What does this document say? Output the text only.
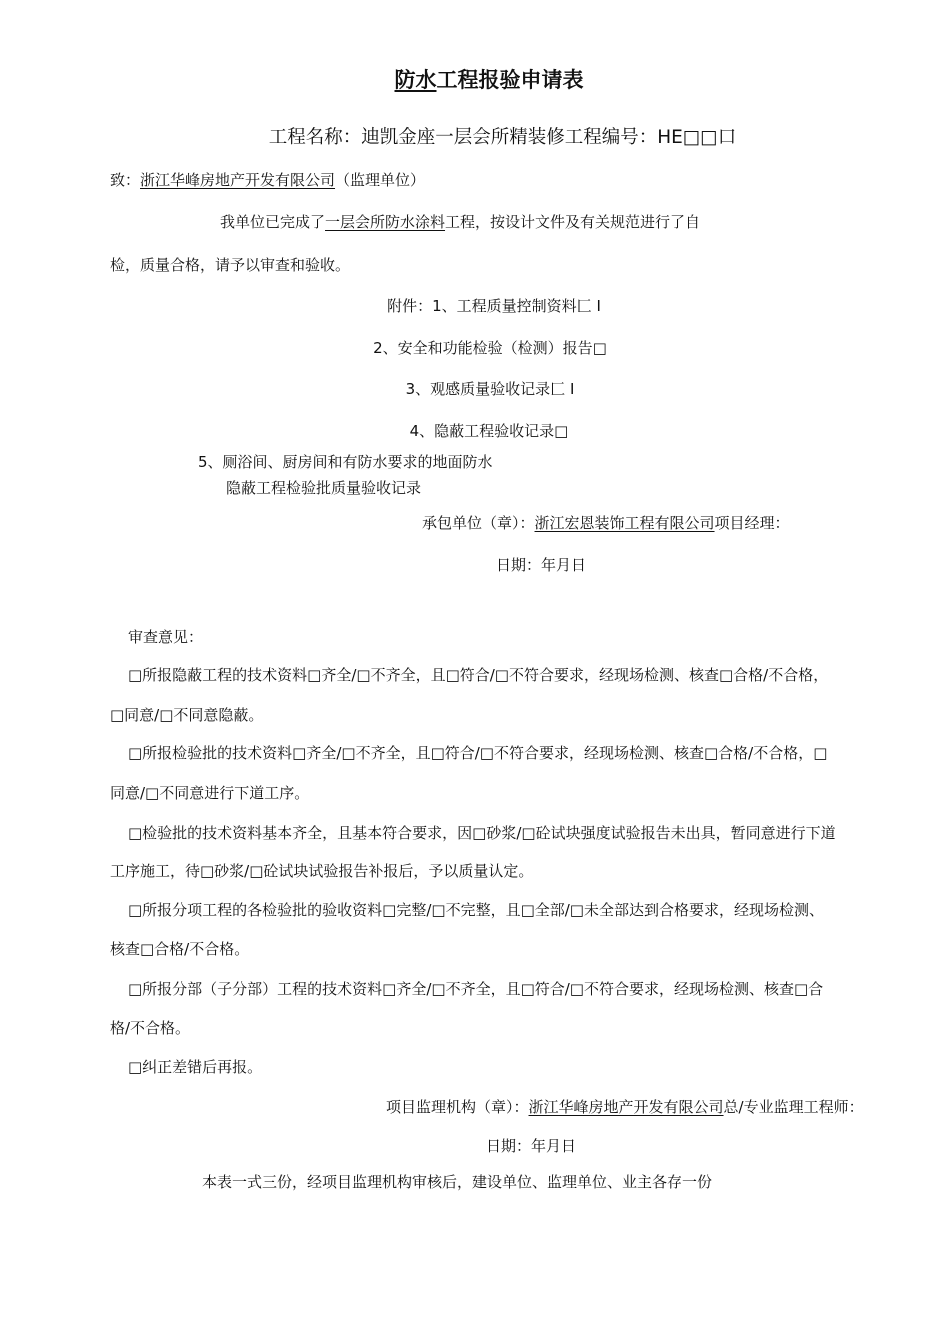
防水工程报验申请表
工程名称：迪凯金座一层会所精装修工程编号：HE□□口
致：浙江华峰房地产开发有限公司（监理单位）
我单位已完成了一层会所防水涂料工程，按设计文件及有关规范进行了自
检，质量合格，请予以审查和验收。
附件：1、工程质量控制资料匚 I
2、安全和功能检验（检测）报告□
3、观感质量验收记录匚 I
4、隐蔽工程验收记录□
5、厕浴间、厨房间和有防水要求的地面防水
隐蔽工程检验批质量验收记录
承包单位（章）：浙江宏恩装饰工程有限公司项目经理：
日期：年月日
审查意见：
□所报隐蔽工程的技术资料□齐全/□不齐全，且□符合/□不符合要求，经现场检测、核查□合格/不合格，
□同意/□不同意隐蔽。
□所报检验批的技术资料□齐全/□不齐全，且□符合/□不符合要求，经现场检测、核查□合格/不合格，□
同意/□不同意进行下道工序。
□检验批的技术资料基本齐全，且基本符合要求，因□砂浆/□砼试块强度试验报告未出具，暂同意进行下道
工序施工，待□砂浆/□砼试块试验报告补报后，予以质量认定。
□所报分项工程的各检验批的验收资料□完整/□不完整，且□全部/□未全部达到合格要求，经现场检测、
核查□合格/不合格。
□所报分部（子分部）工程的技术资料□齐全/□不齐全，且□符合/□不符合要求，经现场检测、核查□合
格/不合格。
□纠正差错后再报。
项目监理机构（章）：浙江华峰房地产开发有限公司总/专业监理工程师：
日期：年月日
本表一式三份，经项目监理机构审核后，建设单位、监理单位、业主各存一份
